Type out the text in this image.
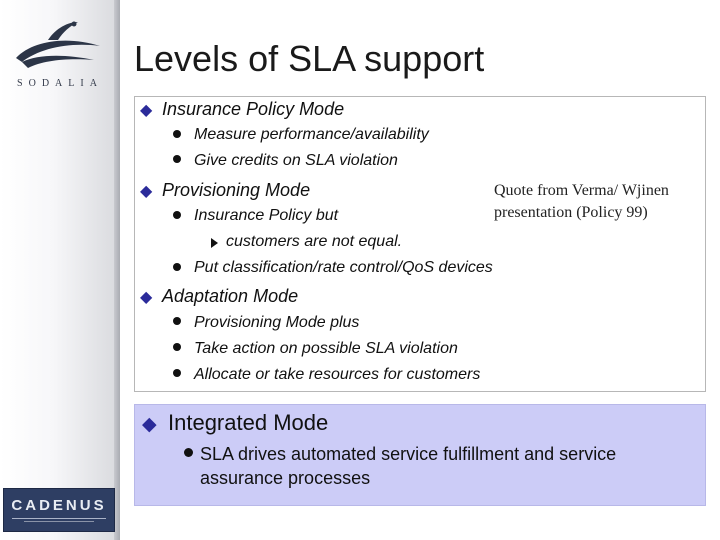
SODALIA
CADENUS
Levels of SLA support
◆ Insurance Policy Mode
Measure performance/availability
Give credits on SLA violation
◆ Provisioning Mode
Insurance Policy but
customers are not equal.
Put classification/rate control/QoS devices
Quote from Verma/ Wjinen
presentation (Policy 99)
◆ Adaptation Mode
Provisioning Mode plus
Take action on possible SLA violation
Allocate or take resources for customers
◆ Integrated Mode
SLA drives automated service fulfillment and service assurance processes
